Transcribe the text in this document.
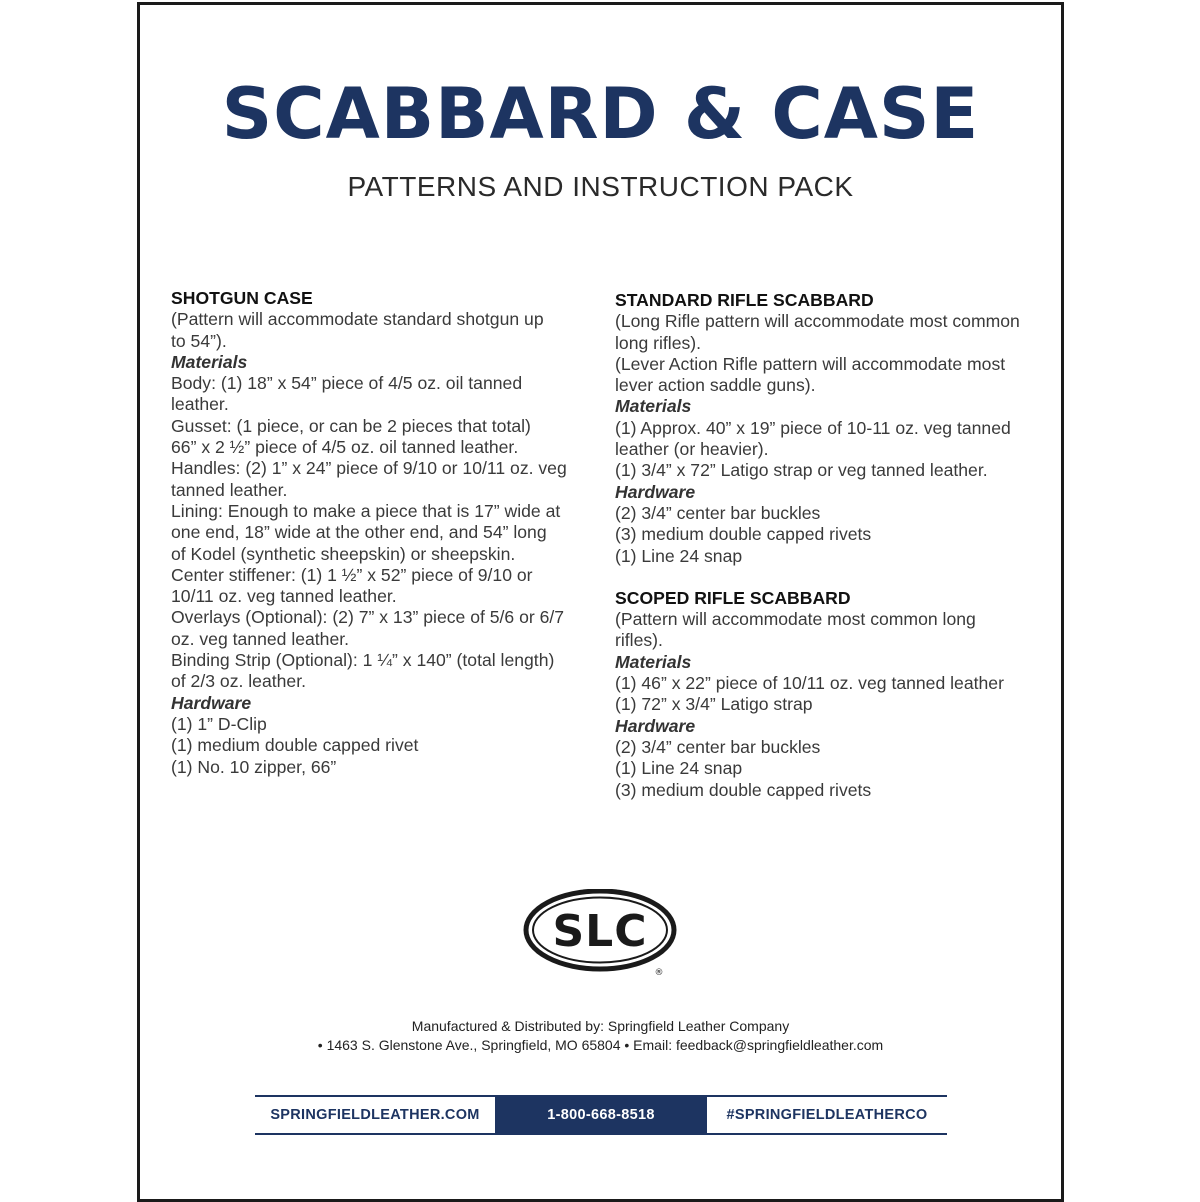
SCABBARD & CASE
PATTERNS AND INSTRUCTION PACK
SHOTGUN CASE
(Pattern will accommodate standard shotgun up
to 54”).
Materials
Body: (1) 18” x 54” piece of 4/5 oz. oil tanned
leather.
Gusset: (1 piece, or can be 2 pieces that total)
66” x 2 ½” piece of 4/5 oz. oil tanned leather.
Handles: (2) 1” x 24” piece of 9/10 or 10/11 oz. veg
tanned leather.
Lining: Enough to make a piece that is 17” wide at
one end, 18” wide at the other end, and 54” long
of Kodel (synthetic sheepskin) or sheepskin.
Center stiffener: (1) 1 ½” x 52” piece of 9/10 or
10/11 oz. veg tanned leather.
Overlays (Optional): (2) 7” x 13” piece of 5/6 or 6/7
oz. veg tanned leather.
Binding Strip (Optional): 1 ¼” x 140” (total length)
of 2/3 oz. leather.
Hardware
(1) 1” D-Clip
(1) medium double capped rivet
(1) No. 10 zipper, 66”
STANDARD RIFLE SCABBARD
(Long Rifle pattern will accommodate most common
long rifles).
(Lever Action Rifle pattern will accommodate most
lever action saddle guns).
Materials
(1) Approx. 40” x 19” piece of 10-11 oz. veg tanned
leather (or heavier).
(1) 3/4” x 72” Latigo strap or veg tanned leather.
Hardware
(2) 3/4” center bar buckles
(3) medium double capped rivets
(1) Line 24 snap
SCOPED RIFLE SCABBARD
(Pattern will accommodate most common long
rifles).
Materials
(1) 46” x 22” piece of 10/11 oz. veg tanned leather
(1) 72” x 3/4” Latigo strap
Hardware
(2) 3/4” center bar buckles
(1) Line 24 snap
(3) medium double capped rivets
SLC
®
Manufactured & Distributed by: Springfield Leather Company
• 1463 S. Glenstone Ave., Springfield, MO 65804 • Email: feedback@springfieldleather.com
SPRINGFIELDLEATHER.COM	1-800-668-8518	#SPRINGFIELDLEATHERCO
